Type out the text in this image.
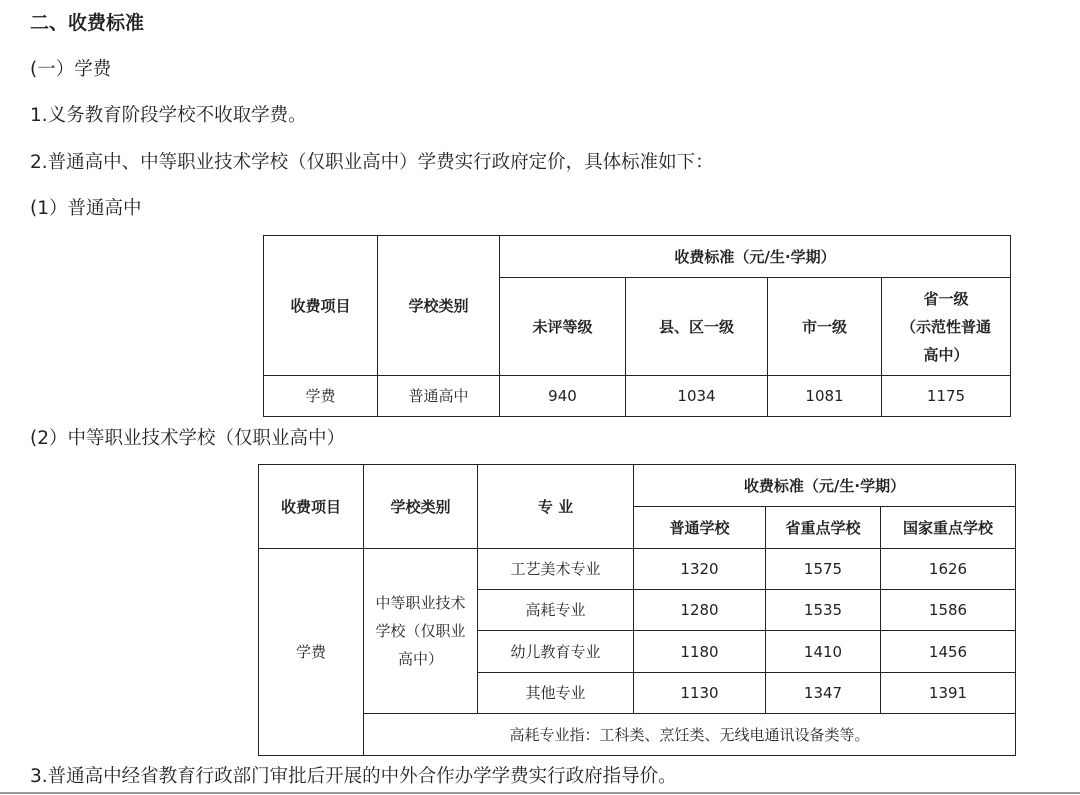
二、收费标准
(一）学费
1.义务教育阶段学校不收取学费。
2.普通高中、中等职业技术学校（仅职业高中）学费实行政府定价，具体标准如下：
(1）普通高中
收费项目	学校类别	收费标准（元/生·学期）			
		未评等级	县、区一级	市一级	省一级
（示范性普通
高中）
学费	普通高中	940	1034	1081	1175
(2）中等职业技术学校（仅职业高中）
收费项目	学校类别	专 业	收费标准（元/生·学期）		
			普通学校	省重点学校	国家重点学校
学费	中等职业技术
学校（仅职业
高中）	工艺美术专业	1320	1575	1626
		高耗专业	1280	1535	1586
		幼儿教育专业	1180	1410	1456
		其他专业	1130	1347	1391
	高耗专业指：工科类、烹饪类、无线电通讯设备类等。				
3.普通高中经省教育行政部门审批后开展的中外合作办学学费实行政府指导价。
